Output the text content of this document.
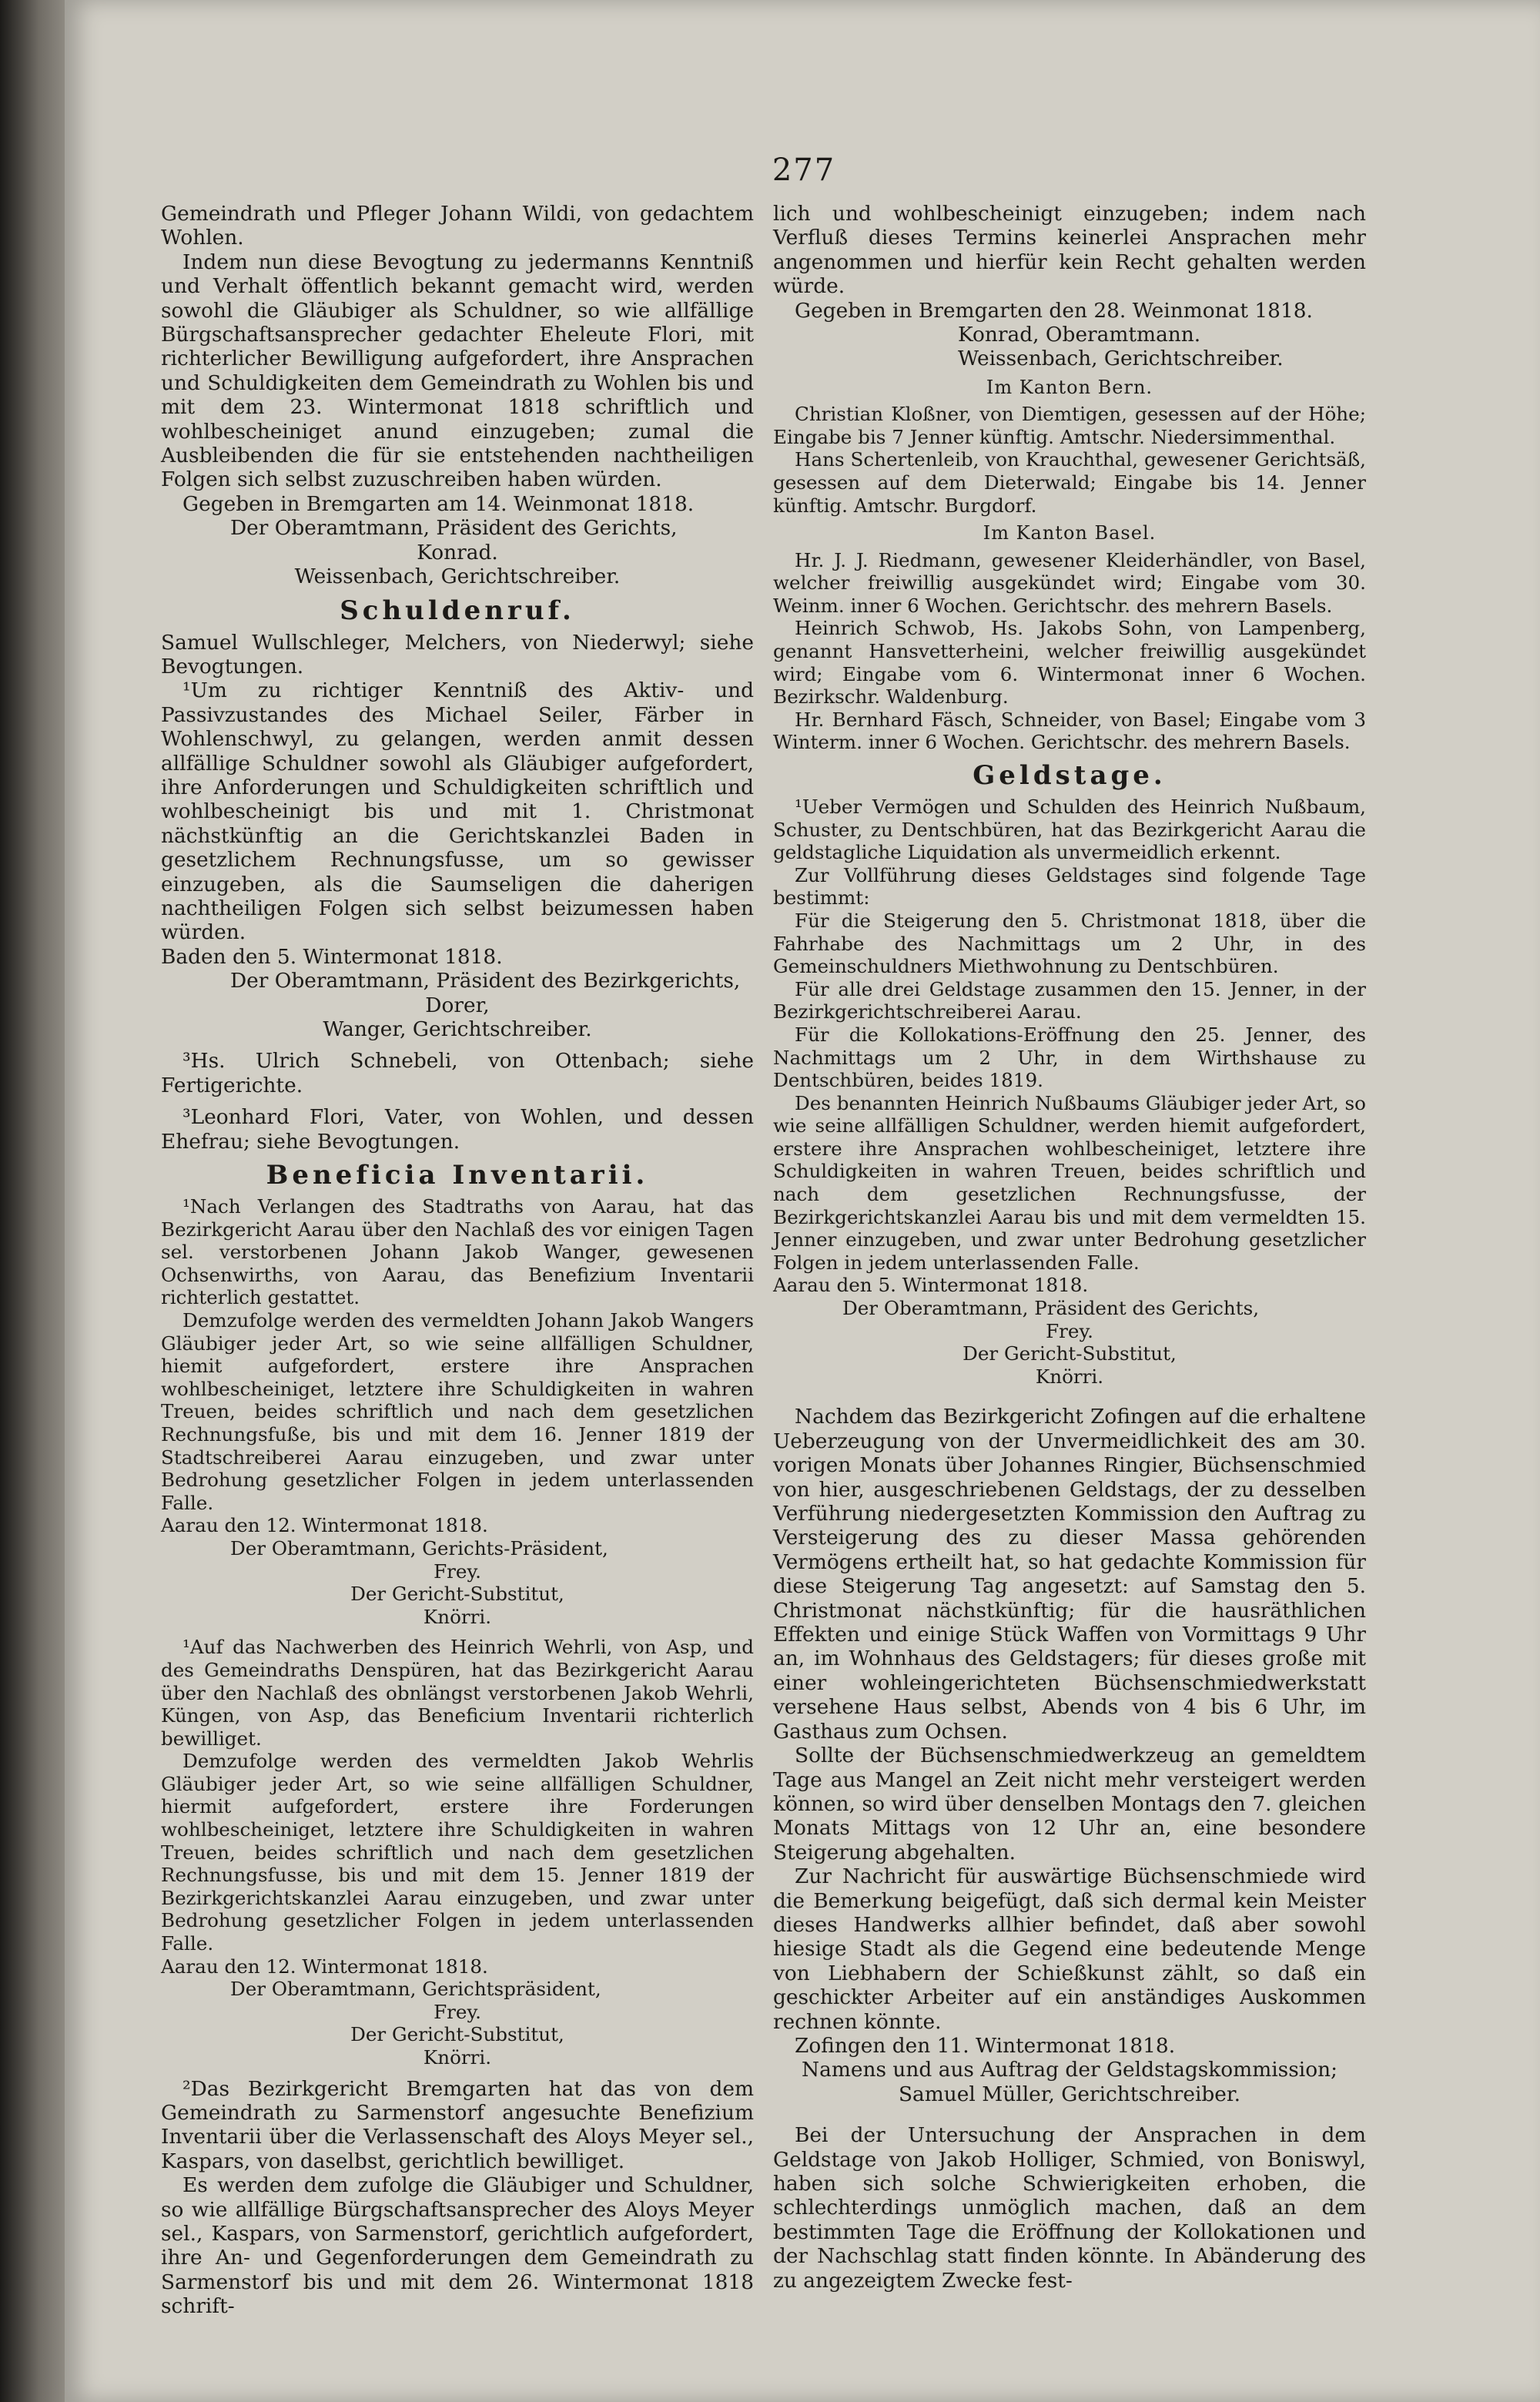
277

Gemeindrath und Pfleger Johann Wildi, von gedachtem Wohlen.

Indem nun diese Bevogtung zu jedermanns Kenntniß und Verhalt öffentlich bekannt gemacht wird, werden sowohl die Gläubiger als Schuldner, so wie allfällige Bürgschaftsansprecher gedachter Eheleute Flori, mit richterlicher Bewilligung aufgefordert, ihre Ansprachen und Schuldigkeiten dem Gemeindrath zu Wohlen bis und mit dem 23. Wintermonat 1818 schriftlich und wohlbescheiniget anund einzugeben; zumal die Ausbleibenden die für sie entstehenden nachtheiligen Folgen sich selbst zuzuschreiben haben würden.

Gegeben in Bremgarten am 14. Weinmonat 1818.

Der Oberamtmann, Präsident des Gerichts,

Konrad.

Weissenbach, Gerichtschreiber.

Schuldenruf.

Samuel Wullschleger, Melchers, von Niederwyl; siehe Bevogtungen.

¹Um zu richtiger Kenntniß des Aktiv- und Passivzustandes des Michael Seiler, Färber in Wohlenschwyl, zu gelangen, werden anmit dessen allfällige Schuldner sowohl als Gläubiger aufgefordert, ihre Anforderungen und Schuldigkeiten schriftlich und wohlbescheinigt bis und mit 1. Christmonat nächstkünftig an die Gerichtskanzlei Baden in gesetzlichem Rechnungsfusse, um so gewisser einzugeben, als die Saumseligen die daherigen nachtheiligen Folgen sich selbst beizumessen haben würden.

Baden den 5. Wintermonat 1818.

Der Oberamtmann, Präsident des Bezirkgerichts,

Dorer,

Wanger, Gerichtschreiber.

³Hs. Ulrich Schnebeli, von Ottenbach; siehe Fertigerichte.

³Leonhard Flori, Vater, von Wohlen, und dessen Ehefrau; siehe Bevogtungen.

Beneficia Inventarii.

¹Nach Verlangen des Stadtraths von Aarau, hat das Bezirkgericht Aarau über den Nachlaß des vor einigen Tagen sel. verstorbenen Johann Jakob Wanger, gewesenen Ochsenwirths, von Aarau, das Benefizium Inventarii richterlich gestattet.

Demzufolge werden des vermeldten Johann Jakob Wangers Gläubiger jeder Art, so wie seine allfälligen Schuldner, hiemit aufgefordert, erstere ihre Ansprachen wohlbescheiniget, letztere ihre Schuldigkeiten in wahren Treuen, beides schriftlich und nach dem gesetzlichen Rechnungsfuße, bis und mit dem 16. Jenner 1819 der Stadtschreiberei Aarau einzugeben, und zwar unter Bedrohung gesetzlicher Folgen in jedem unterlassenden Falle.

Aarau den 12. Wintermonat 1818.

Der Oberamtmann, Gerichts-Präsident,

Frey.

Der Gericht-Substitut,

Knörri.

¹Auf das Nachwerben des Heinrich Wehrli, von Asp, und des Gemeindraths Denspüren, hat das Bezirkgericht Aarau über den Nachlaß des obnlängst verstorbenen Jakob Wehrli, Küngen, von Asp, das Beneficium Inventarii richterlich bewilliget.

Demzufolge werden des vermeldten Jakob Wehrlis Gläubiger jeder Art, so wie seine allfälligen Schuldner, hiermit aufgefordert, erstere ihre Forderungen wohlbescheiniget, letztere ihre Schuldigkeiten in wahren Treuen, beides schriftlich und nach dem gesetzlichen Rechnungsfusse, bis und mit dem 15. Jenner 1819 der Bezirkgerichtskanzlei Aarau einzugeben, und zwar unter Bedrohung gesetzlicher Folgen in jedem unterlassenden Falle.

Aarau den 12. Wintermonat 1818.

Der Oberamtmann, Gerichtspräsident,

Frey.

Der Gericht-Substitut,

Knörri.

²Das Bezirkgericht Bremgarten hat das von dem Gemeindrath zu Sarmenstorf angesuchte Benefizium Inventarii über die Verlassenschaft des Aloys Meyer sel., Kaspars, von daselbst, gerichtlich bewilliget.

Es werden dem zufolge die Gläubiger und Schuldner, so wie allfällige Bürgschaftsansprecher des Aloys Meyer sel., Kaspars, von Sarmenstorf, gerichtlich aufgefordert, ihre An- und Gegenforderungen dem Gemeindrath zu Sarmenstorf bis und mit dem 26. Wintermonat 1818 schrift-

lich und wohlbescheinigt einzugeben; indem nach Verfluß dieses Termins keinerlei Ansprachen mehr angenommen und hierfür kein Recht gehalten werden würde.

Gegeben in Bremgarten den 28. Weinmonat 1818.

Konrad, Oberamtmann.

Weissenbach, Gerichtschreiber.

Im Kanton Bern.

Christian Kloßner, von Diemtigen, gesessen auf der Höhe; Eingabe bis 7 Jenner künftig. Amtschr. Niedersimmenthal.

Hans Schertenleib, von Krauchthal, gewesener Gerichtsäß, gesessen auf dem Dieterwald; Eingabe bis 14. Jenner künftig. Amtschr. Burgdorf.

Im Kanton Basel.

Hr. J. J. Riedmann, gewesener Kleiderhändler, von Basel, welcher freiwillig ausgekündet wird; Eingabe vom 30. Weinm. inner 6 Wochen. Gerichtschr. des mehrern Basels.

Heinrich Schwob, Hs. Jakobs Sohn, von Lampenberg, genannt Hansvetterheini, welcher freiwillig ausgekündet wird; Eingabe vom 6. Wintermonat inner 6 Wochen. Bezirkschr. Waldenburg.

Hr. Bernhard Fäsch, Schneider, von Basel; Eingabe vom 3 Winterm. inner 6 Wochen. Gerichtschr. des mehrern Basels.

Geldstage.

¹Ueber Vermögen und Schulden des Heinrich Nußbaum, Schuster, zu Dentschbüren, hat das Bezirkgericht Aarau die geldstagliche Liquidation als unvermeidlich erkennt.

Zur Vollführung dieses Geldstages sind folgende Tage bestimmt:

Für die Steigerung den 5. Christmonat 1818, über die Fahrhabe des Nachmittags um 2 Uhr, in des Gemeinschuldners Miethwohnung zu Dentschbüren.

Für alle drei Geldstage zusammen den 15. Jenner, in der Bezirkgerichtschreiberei Aarau.

Für die Kollokations-Eröffnung den 25. Jenner, des Nachmittags um 2 Uhr, in dem Wirthshause zu Dentschbüren, beides 1819.

Des benannten Heinrich Nußbaums Gläubiger jeder Art, so wie seine allfälligen Schuldner, werden hiemit aufgefordert, erstere ihre Ansprachen wohlbescheiniget, letztere ihre Schuldigkeiten in wahren Treuen, beides schriftlich und nach dem gesetzlichen Rechnungsfusse, der Bezirkgerichtskanzlei Aarau bis und mit dem vermeldten 15. Jenner einzugeben, und zwar unter Bedrohung gesetzlicher Folgen in jedem unterlassenden Falle.

Aarau den 5. Wintermonat 1818.

Der Oberamtmann, Präsident des Gerichts,

Frey.

Der Gericht-Substitut,

Knörri.

Nachdem das Bezirkgericht Zofingen auf die erhaltene Ueberzeugung von der Unvermeidlichkeit des am 30. vorigen Monats über Johannes Ringier, Büchsenschmied von hier, ausgeschriebenen Geldstags, der zu desselben Verführung niedergesetzten Kommission den Auftrag zu Versteigerung des zu dieser Massa gehörenden Vermögens ertheilt hat, so hat gedachte Kommission für diese Steigerung Tag angesetzt: auf Samstag den 5. Christmonat nächstkünftig; für die hausräthlichen Effekten und einige Stück Waffen von Vormittags 9 Uhr an, im Wohnhaus des Geldstagers; für dieses große mit einer wohleingerichteten Büchsenschmiedwerkstatt versehene Haus selbst, Abends von 4 bis 6 Uhr, im Gasthaus zum Ochsen.

Sollte der Büchsenschmiedwerkzeug an gemeldtem Tage aus Mangel an Zeit nicht mehr versteigert werden können, so wird über denselben Montags den 7. gleichen Monats Mittags von 12 Uhr an, eine besondere Steigerung abgehalten.

Zur Nachricht für auswärtige Büchsenschmiede wird die Bemerkung beigefügt, daß sich dermal kein Meister dieses Handwerks allhier befindet, daß aber sowohl hiesige Stadt als die Gegend eine bedeutende Menge von Liebhabern der Schießkunst zählt, so daß ein geschickter Arbeiter auf ein anständiges Auskommen rechnen könnte.

Zofingen den 11. Wintermonat 1818.

Namens und aus Auftrag der Geldstagskommission;

Samuel Müller, Gerichtschreiber.

Bei der Untersuchung der Ansprachen in dem Geldstage von Jakob Holliger, Schmied, von Boniswyl, haben sich solche Schwierigkeiten erhoben, die schlechterdings unmöglich machen, daß an dem bestimmten Tage die Eröffnung der Kollokationen und der Nachschlag statt finden könnte. In Abänderung des zu angezeigtem Zwecke fest-
